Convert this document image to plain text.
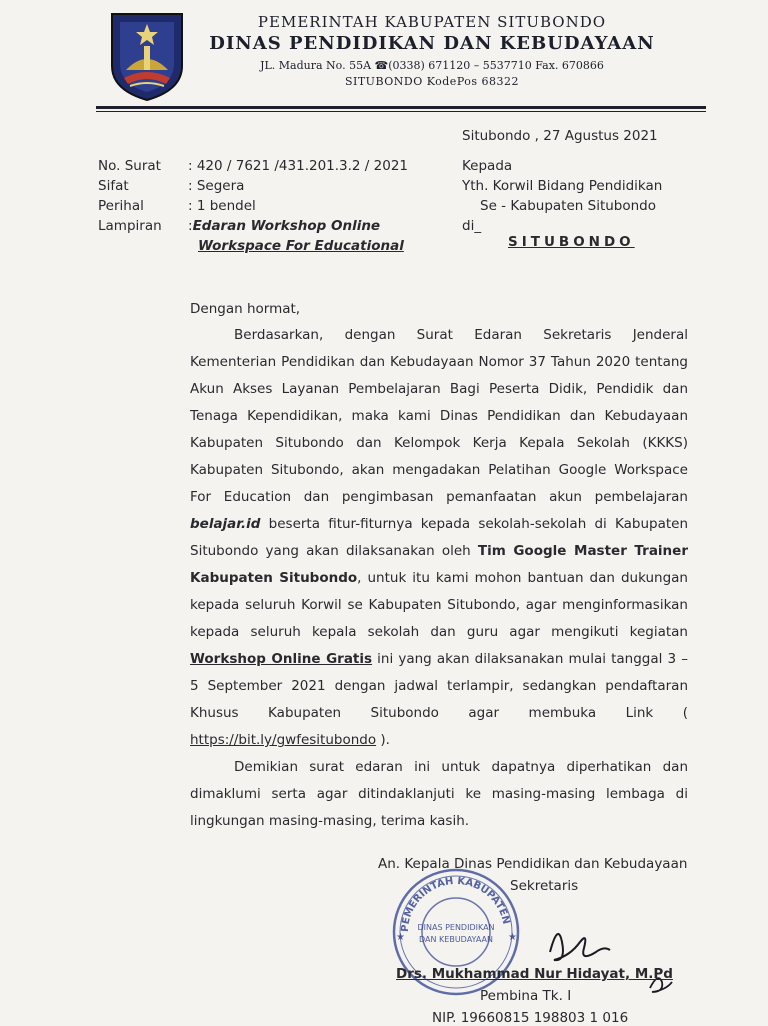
PEMERINTAH KABUPATEN SITUBONDO
DINAS PENDIDIKAN DAN KEBUDAYAAN
JL. Madura No. 55A ☎(0338) 671120 – 5537710 Fax. 670866
SITUBONDO KodePos 68322
Situbondo , 27 Agustus 2021
No. Surat : 420 / 7621 /431.201.3.2 / 2021
Sifat	: Segera
Perihal	: 1 bendel
Lampiran :Edaran Workshop Online
Workspace For Educational
Kepada
Yth. Korwil Bidang Pendidikan
Se - Kabupaten Situbondo
di_
SITUBONDO
Dengan hormat,

Berdasarkan, dengan Surat Edaran Sekretaris Jenderal Kementerian Pendidikan dan Kebudayaan Nomor 37 Tahun 2020 tentang Akun Akses Layanan Pembelajaran Bagi Peserta Didik, Pendidik dan Tenaga Kependidikan, maka kami Dinas Pendidikan dan Kebudayaan Kabupaten Situbondo dan Kelompok Kerja Kepala Sekolah (KKKS) Kabupaten Situbondo, akan mengadakan Pelatihan Google Workspace For Education dan pengimbasan pemanfaatan akun pembelajaran belajar.id beserta fitur-fiturnya kepada sekolah-sekolah di Kabupaten Situbondo yang akan dilaksanakan oleh Tim Google Master Trainer Kabupaten Situbondo, untuk itu kami mohon bantuan dan dukungan kepada seluruh Korwil se Kabupaten Situbondo, agar menginformasikan kepada seluruh kepala sekolah dan guru agar mengikuti kegiatan Workshop Online Gratis ini yang akan dilaksanakan mulai tanggal 3 – 5 September 2021 dengan jadwal terlampir, sedangkan pendaftaran Khusus Kabupaten Situbondo agar membuka Link ( https://bit.ly/gwfesitubondo ).

Demikian surat edaran ini untuk dapatnya diperhatikan dan dimaklumi serta agar ditindaklanjuti ke masing-masing lembaga di lingkungan masing-masing, terima kasih.

PEMERINTAH KABUPATEN
DINAS PENDIDIKAN
DAN KEBUDAYAAN ★
★
An. Kepala Dinas Pendidikan dan Kebudayaan
Sekretaris
Drs. Mukhammad Nur Hidayat, M.Pd
Pembina Tk. I
NIP. 19660815 198803 1 016
